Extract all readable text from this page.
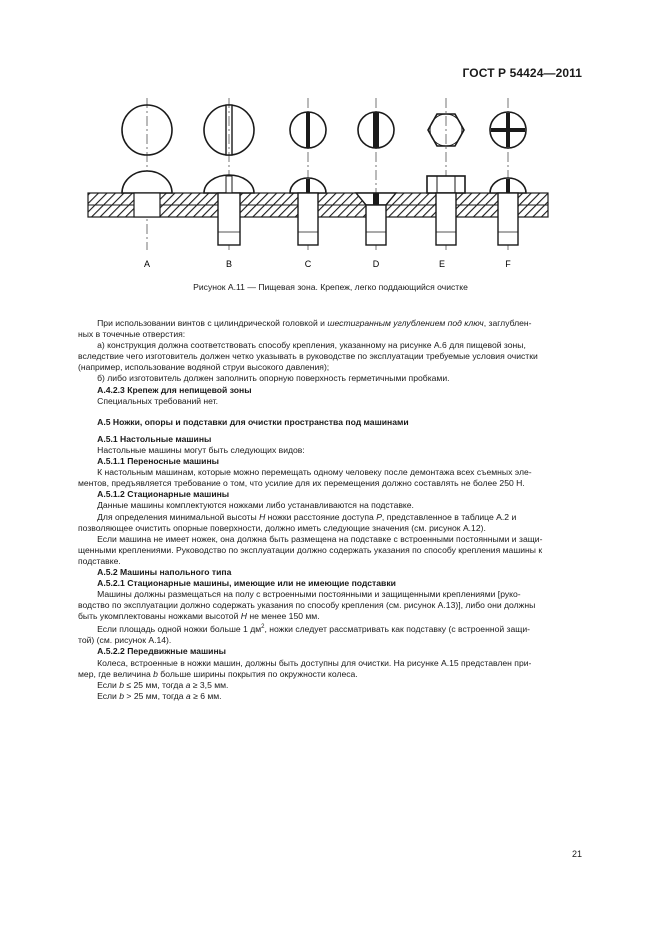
ГОСТ Р 54424—2011
A	B	C	D	E	F
Рисунок А.11 — Пищевая зона. Крепеж, легко поддающийся очистке

При использовании винтов с цилиндрической головкой и шестигранным углублением под ключ, заглублен-

ных в точечные отверстия:

а) конструкция должна соответствовать способу крепления, указанному на рисунке А.6 для пищевой зоны,

вследствие чего изготовитель должен четко указывать в руководстве по эксплуатации требуемые условия очистки

(например, использование водяной струи высокого давления);

б) либо изготовитель должен заполнить опорную поверхность герметичными пробками.

А.4.2.3 Крепеж для непищевой зоны

Специальных требований нет.

А.5 Ножки, опоры и подставки для очистки пространства под машинами

А.5.1 Настольные машины

Настольные машины могут быть следующих видов:

А.5.1.1 Переносные машины

К настольным машинам, которые можно перемещать одному человеку после демонтажа всех съемных эле-

ментов, предъявляется требование о том, что усилие для их перемещения должно составлять не более 250 Н.

А.5.1.2 Стационарные машины

Данные машины комплектуются ножками либо устанавливаются на подставке.

Для определения минимальной высоты Н ножки расстояние доступа Р, представленное в таблице А.2 и

позволяющее очистить опорные поверхности, должно иметь следующие значения (см. рисунок А.12).

Если машина не имеет ножек, она должна быть размещена на подставке с встроенными постоянными и защи-

щенными креплениями. Руководство по эксплуатации должно содержать указания по способу крепления машины к

подставке.

А.5.2 Машины напольного типа

А.5.2.1 Стационарные машины, имеющие или не имеющие подставки

Машины должны размещаться на полу с встроенными постоянными и защищенными креплениями [руко-

водство по эксплуатации должно содержать указания по способу крепления (см. рисунок А.13)], либо они должны

быть укомплектованы ножками высотой Н не менее 150 мм.

Если площадь одной ножки больше 1 $дм^2$, ножки следует рассматривать как подставку (с встроенной защи-

той) (см. рисунок А.14).

А.5.2.2 Передвижные машины

Колеса, встроенные в ножки машин, должны быть доступны для очистки. На рисунке А.15 представлен при-

мер, где величина b больше ширины покрытия по окружности колеса.

Если b ≤ 25 мм, тогда а ≥ 3,5 мм.

Если b > 25 мм, тогда а ≥ 6 мм.

21
